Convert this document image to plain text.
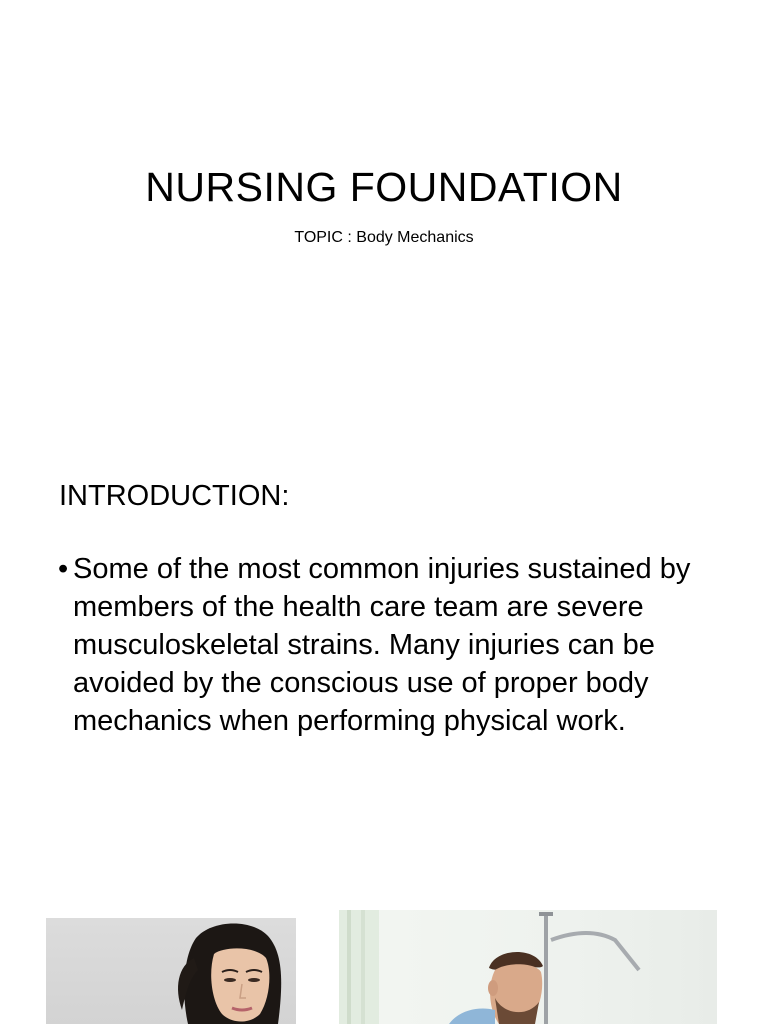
NURSING FOUNDATION

TOPIC : Body Mechanics

INTRODUCTION:
• Some of the most common injuries sustained by members of the health care team are severe musculoskeletal strains. Many injuries can be avoided by the conscious use of proper body mechanics when performing physical work.
